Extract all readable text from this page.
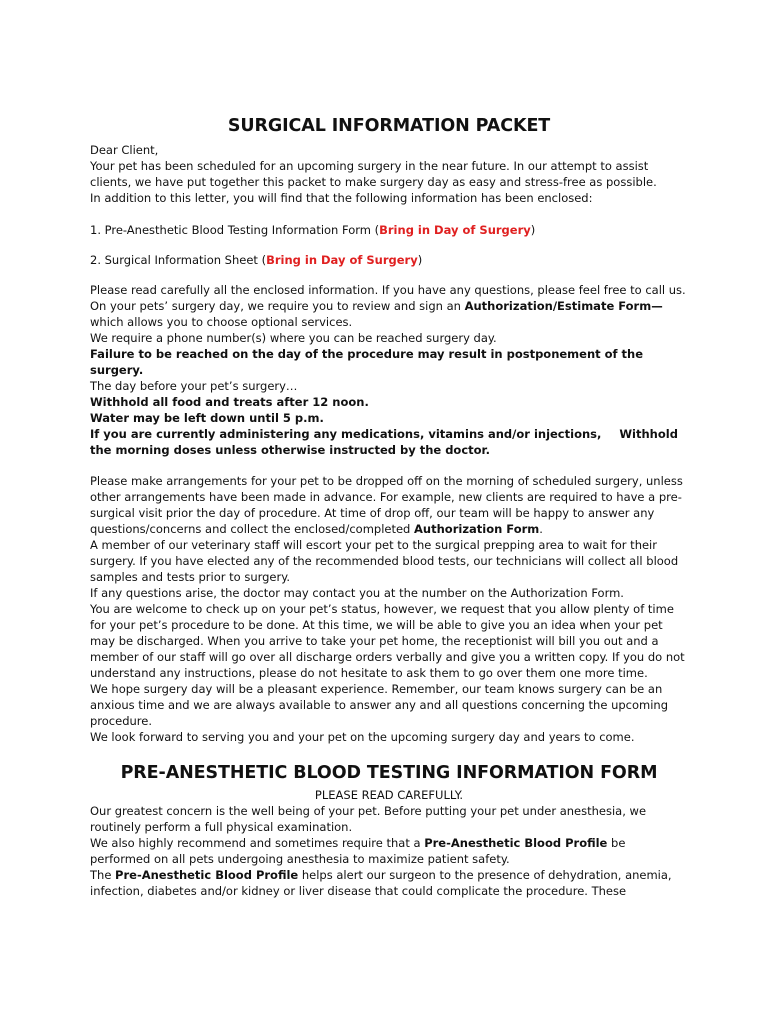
SURGICAL INFORMATION PACKET

Dear Client,

Your pet has been scheduled for an upcoming surgery in the near future. In our attempt to assist clients, we have put together this packet to make surgery day as easy and stress-free as possible.

In addition to this letter, you will find that the following information has been enclosed:

1. Pre-Anesthetic Blood Testing Information Form (Bring in Day of Surgery)

2. Surgical Information Sheet (Bring in Day of Surgery)

Please read carefully all the enclosed information. If you have any questions, please feel free to call us. On your pets’ surgery day, we require you to review and sign an Authorization/Estimate Form— which allows you to choose optional services.

We require a phone number(s) where you can be reached surgery day.

Failure to be reached on the day of the procedure may result in postponement of the surgery.

The day before your pet’s surgery…

Withhold all food and treats after 12 noon.

Water may be left down until 5 p.m.

If you are currently administering any medications, vitamins and/or injections, Withhold the morning doses unless otherwise instructed by the doctor.

Please make arrangements for your pet to be dropped off on the morning of scheduled surgery, unless other arrangements have been made in advance. For example, new clients are required to have a pre-surgical visit prior the day of procedure. At time of drop off, our team will be happy to answer any questions/concerns and collect the enclosed/completed Authorization Form.

A member of our veterinary staff will escort your pet to the surgical prepping area to wait for their surgery. If you have elected any of the recommended blood tests, our technicians will collect all blood samples and tests prior to surgery.

If any questions arise, the doctor may contact you at the number on the Authorization Form.

You are welcome to check up on your pet’s status, however, we request that you allow plenty of time for your pet’s procedure to be done. At this time, we will be able to give you an idea when your pet may be discharged. When you arrive to take your pet home, the receptionist will bill you out and a member of our staff will go over all discharge orders verbally and give you a written copy. If you do not understand any instructions, please do not hesitate to ask them to go over them one more time.

We hope surgery day will be a pleasant experience. Remember, our team knows surgery can be an anxious time and we are always available to answer any and all questions concerning the upcoming procedure.

We look forward to serving you and your pet on the upcoming surgery day and years to come.

PRE-ANESTHETIC BLOOD TESTING INFORMATION FORM

PLEASE READ CAREFULLY.

Our greatest concern is the well being of your pet. Before putting your pet under anesthesia, we routinely perform a full physical examination.

We also highly recommend and sometimes require that a Pre-Anesthetic Blood Profile be performed on all pets undergoing anesthesia to maximize patient safety.

The Pre-Anesthetic Blood Profile helps alert our surgeon to the presence of dehydration, anemia, infection, diabetes and/or kidney or liver disease that could complicate the procedure. These
